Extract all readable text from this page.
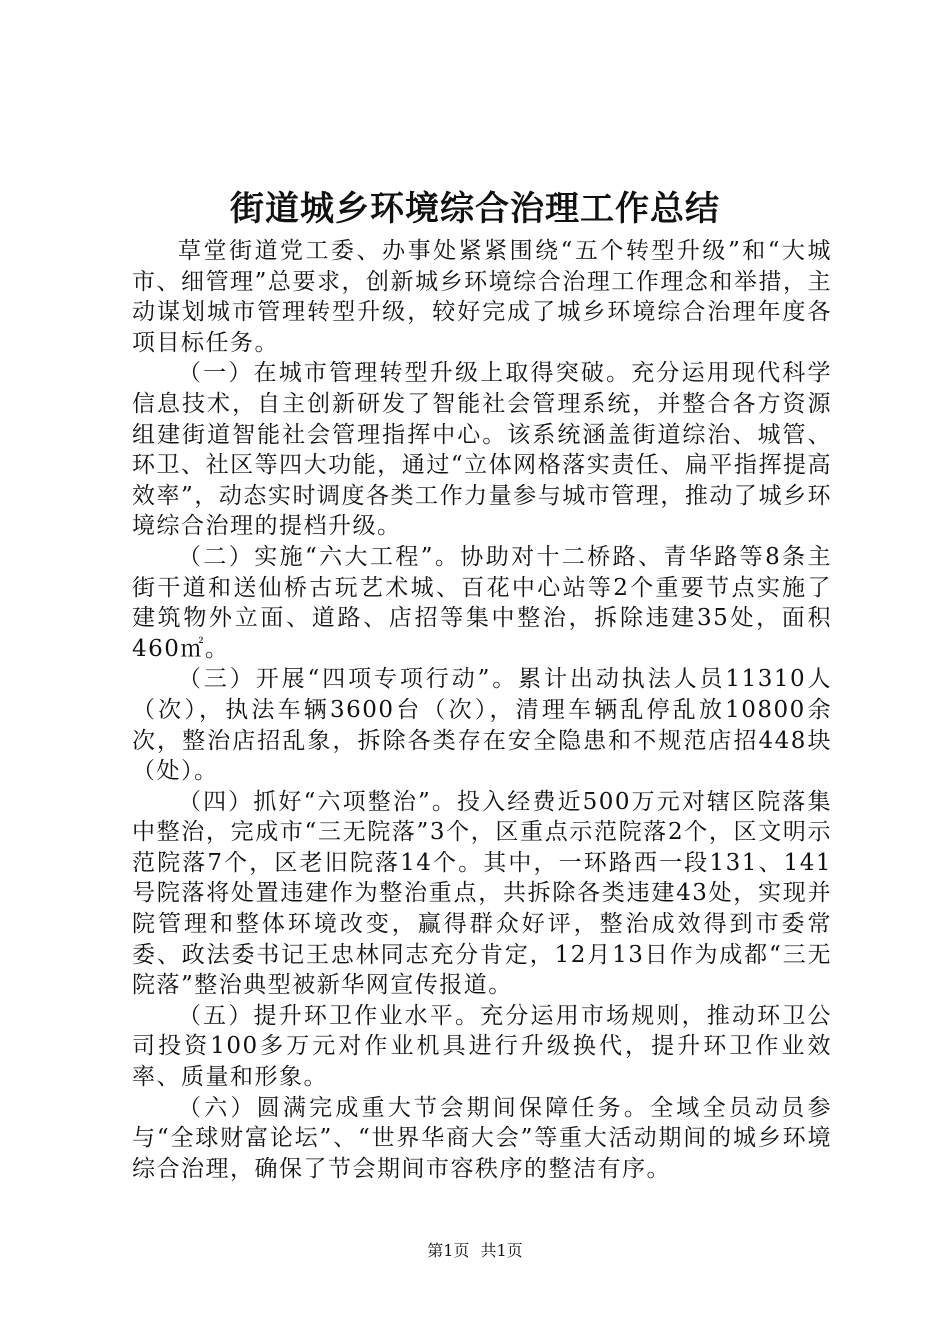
街道城乡环境综合治理工作总结

草堂街道党工委、办事处紧紧围绕“五个转型升级”和“大城市、细管理”总要求，创新城乡环境综合治理工作理念和举措，主动谋划城市管理转型升级，较好完成了城乡环境综合治理年度各项目标任务。

（一）在城市管理转型升级上取得突破。充分运用现代科学信息技术，自主创新研发了智能社会管理系统，并整合各方资源组建街道智能社会管理指挥中心。该系统涵盖街道综治、城管、环卫、社区等四大功能，通过“立体网格落实责任、扁平指挥提高效率”，动态实时调度各类工作力量参与城市管理，推动了城乡环境综合治理的提档升级。

（二）实施“六大工程”。协助对十二桥路、青华路等8条主街干道和送仙桥古玩艺术城、百花中心站等2个重要节点实施了建筑物外立面、道路、店招等集中整治，拆除违建35处，面积460㎡。

（三）开展“四项专项行动”。累计出动执法人员11310人（次），执法车辆3600台（次），清理车辆乱停乱放10800余次，整治店招乱象，拆除各类存在安全隐患和不规范店招448块（处）。

（四）抓好“六项整治”。投入经费近500万元对辖区院落集中整治，完成市“三无院落”3个，区重点示范院落2个，区文明示范院落7个，区老旧院落14个。其中，一环路西一段131、141号院落将处置违建作为整治重点，共拆除各类违建43处，实现并院管理和整体环境改变，赢得群众好评，整治成效得到市委常委、政法委书记王忠林同志充分肯定，12月13日作为成都“三无院落”整治典型被新华网宣传报道。

（五）提升环卫作业水平。充分运用市场规则，推动环卫公司投资100多万元对作业机具进行升级换代，提升环卫作业效率、质量和形象。

（六）圆满完成重大节会期间保障任务。全域全员动员参与“全球财富论坛”、“世界华商大会”等重大活动期间的城乡环境综合治理，确保了节会期间市容秩序的整洁有序。

第1页 共1页
